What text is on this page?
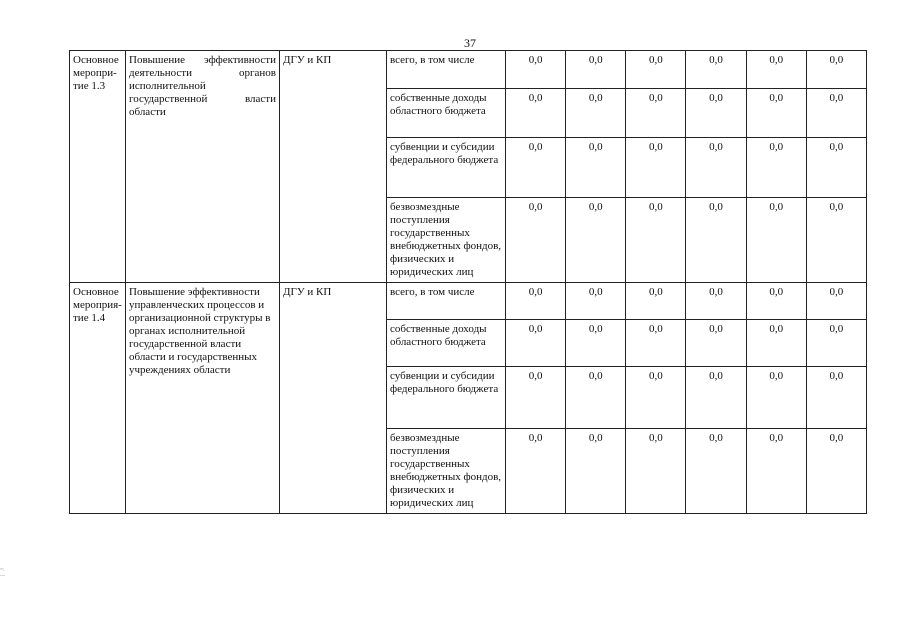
37
Основное меропри-тие 1.3	Повышение эффективности деятельности органов исполнительной государственной власти области	ДГУ и КП	всего, в том числе	0,0	0,0	0,0	0,0	0,0	0,0
			собственные доходы областного бюджета	0,0	0,0	0,0	0,0	0,0	0,0
			субвенции и субсидии федерального бюджета	0,0	0,0	0,0	0,0	0,0	0,0
			безвозмездные поступления государственных внебюджетных фондов, физических и юридических лиц	0,0	0,0	0,0	0,0	0,0	0,0
Основное мероприя-тие 1.4	Повышение эффективности управленческих процессов и организационной структуры в органах исполнительной государственной власти области и государственных учреждениях области	ДГУ и КП	всего, в том числе	0,0	0,0	0,0	0,0	0,0	0,0
			собственные доходы областного бюджета	0,0	0,0	0,0	0,0	0,0	0,0
			субвенции и субсидии федерального бюджета	0,0	0,0	0,0	0,0	0,0	0,0
			безвозмездные поступления государственных внебюджетных фондов, физических и юридических лиц	0,0	0,0	0,0	0,0	0,0	0,0
=:
—
